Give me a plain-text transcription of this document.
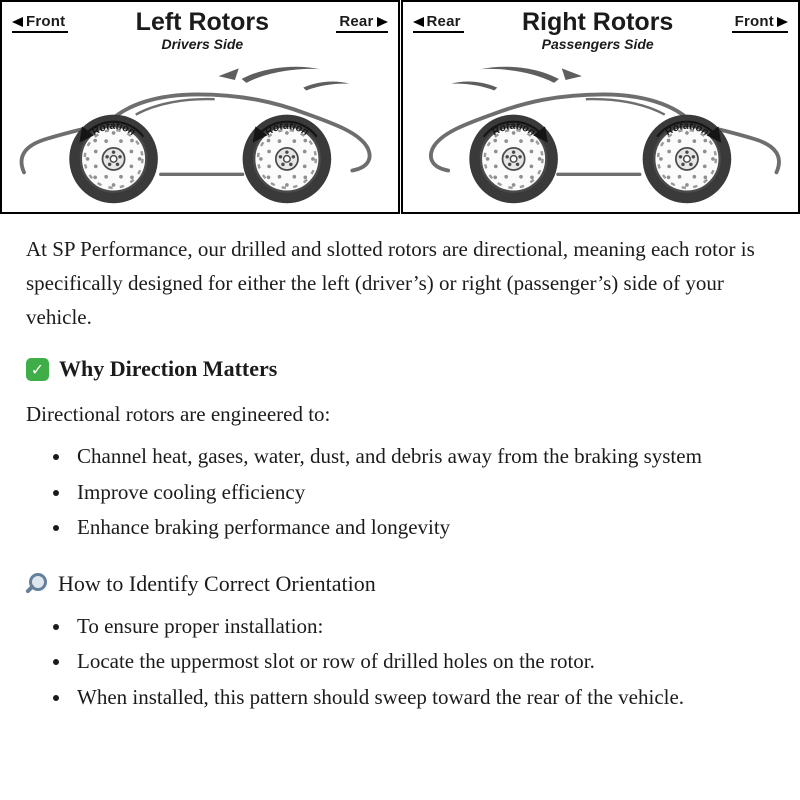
Front	Left Rotors
Drivers Side
Rear	Rear Right Rotors
Passengers Side
Front

At SP Performance, our drilled and slotted rotors are directional, meaning each rotor is specifically designed for either the left (driver’s) or right (passenger’s) side of your vehicle.

✓ Why Direction Matters

Directional rotors are engineered to:

• Channel heat, gases, water, dust, and debris away from the braking system
• Improve cooling efficiency
• Enhance braking performance and longevity
How to Identify Correct Orientation
• To ensure proper installation:
• Locate the uppermost slot or row of drilled holes on the rotor.
• When installed, this pattern should sweep toward the rear of the vehicle.
